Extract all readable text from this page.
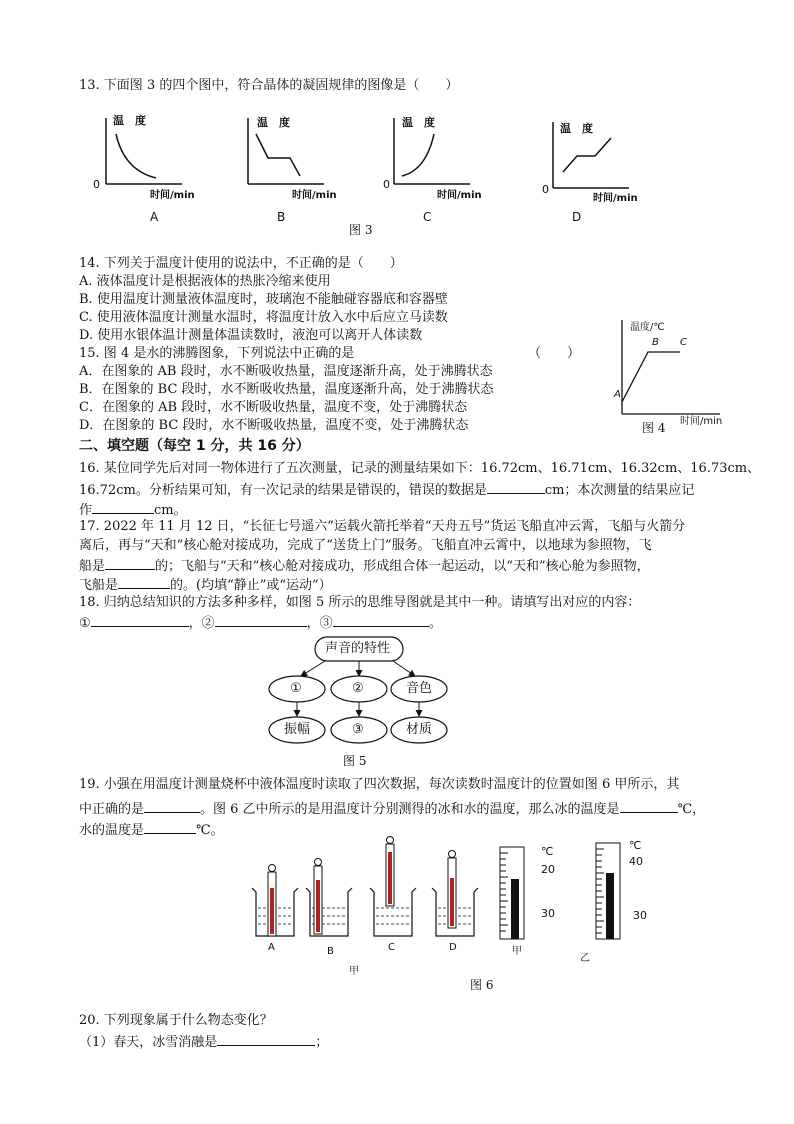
13. 下面图 3 的四个图中，符合晶体的凝固规律的图像是（　　）
温　度
时间/min
0
A
温　度
时间/min
B
温　度
时间/min
0
C
温　度
时间/min
0
D
图 3
14. 下列关于温度计使用的说法中，不正确的是（　　）
A. 液体温度计是根据液体的热胀冷缩来使用
B. 使用温度计测量液体温度时，玻璃泡不能触碰容器底和容器壁
C. 使用液体温度计测量水温时，将温度计放入水中后应立马读数
D. 使用水银体温计测量体温读数时，液泡可以离开人体读数
15. 图 4 是水的沸腾图象，下列说法中正确的是	（　　）
A．在图象的 AB 段时，水不断吸收热量，温度逐渐升高，处于沸腾状态
B．在图象的 BC 段时，水不断吸收热量，温度逐渐升高，处于沸腾状态
C．在图象的 AB 段时，水不断吸收热量，温度不变，处于沸腾状态
D．在图象的 BC 段时，水不断吸收热量，温度不变，处于沸腾状态
温度/℃
时间/min
A
B C
图 4
二、填空题（每空 1 分，共 16 分）
16. 某位同学先后对同一物体进行了五次测量，记录的测量结果如下：16.72cm、16.71cm、16.32cm、16.73cm、
16.72cm。分析结果可知，有一次记录的结果是错误的，错误的数据是	cm；本次测量的结果应记
作	cm。
17. 2022 年 11 月 12 日，“长征七号遥六”运载火箭托举着“天舟五号”货运飞船直冲云霄，飞船与火箭分
离后，再与“天和”核心舱对接成功，完成了“送货上门”服务。飞船直冲云霄中，以地球为参照物，飞
船是	的；飞船与“天和”核心舱对接成功，形成组合体一起运动，以“天和”核心舱为参照物，
飞船是	的。(均填“静止”或“运动”）
18. 归纳总结知识的方法多种多样，如图 5 所示的思维导图就是其中一种。请填写出对应的内容：
①	，②	，③	。
声音的特性
①	②	音色
振幅	③	材质
图 5
19. 小强在用温度计测量烧杯中液体温度时读取了四次数据，每次读数时温度计的位置如图 6 甲所示，其
中正确的是	。图 6 乙中所示的是用温度计分别测得的冰和水的温度，那么冰的温度是	℃，
水的温度是	℃。
A	B	C	D
甲
℃
20
30
℃
40
30
甲
乙
图 6
20. 下列现象属于什么物态变化？
（1）春天，冰雪消融是	；
